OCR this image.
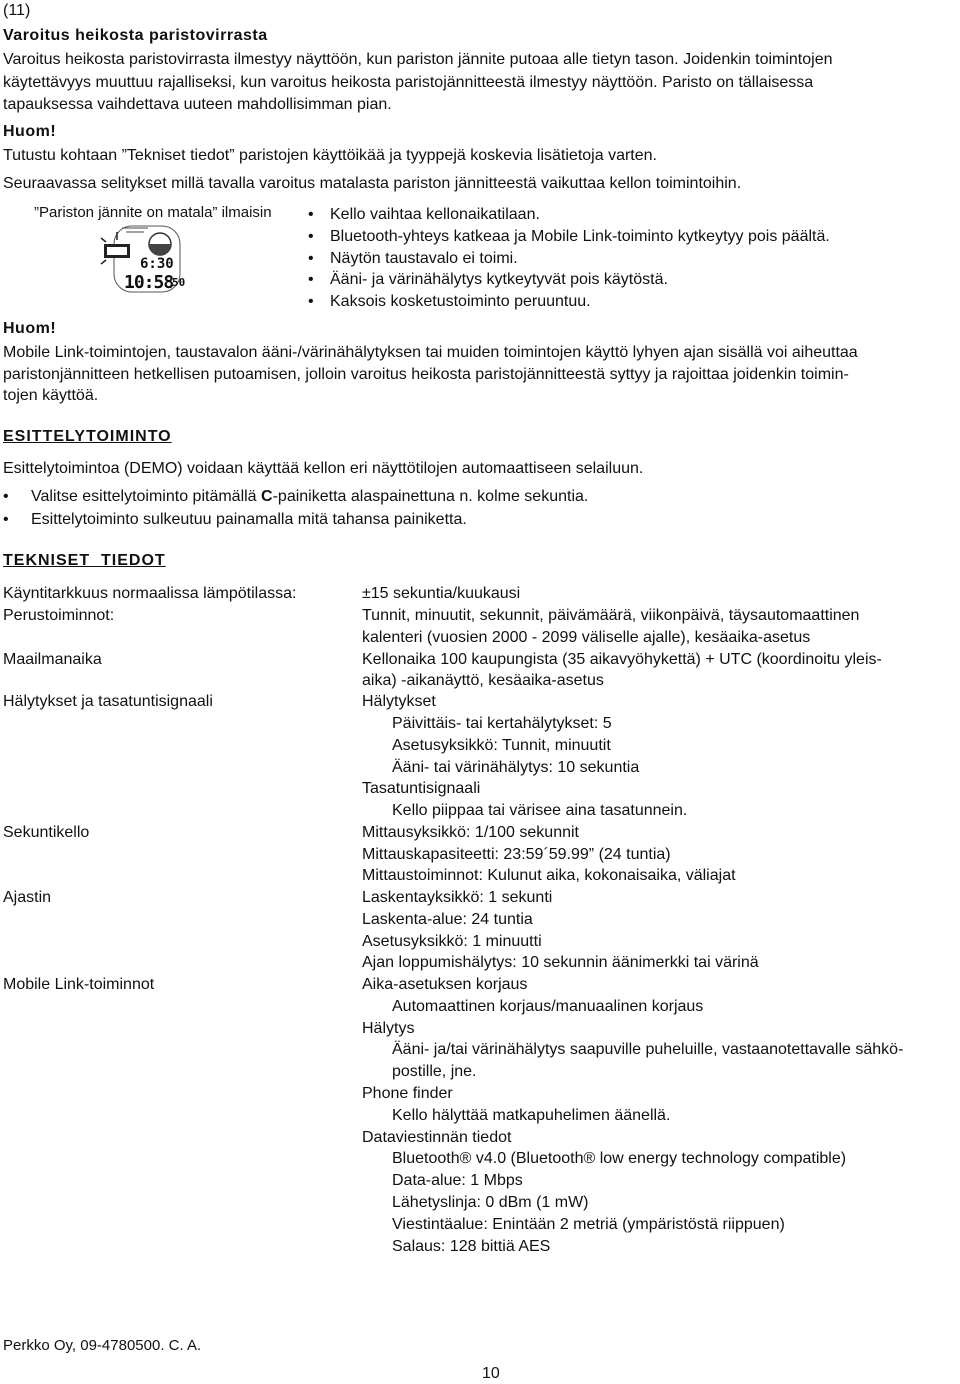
(11)
Varoitus heikosta paristovirrasta
Varoitus heikosta paristovirrasta ilmestyy näyttöön, kun pariston jännite putoaa alle tietyn tason. Joidenkin toimintojen
käytettävyys muuttuu rajalliseksi, kun varoitus heikosta paristojännitteestä ilmestyy näyttöön. Paristo on tällaisessa
tapauksessa vaihdettava uuteen mahdollisimman pian.
Huom!
Tutustu kohtaan ”Tekniset tiedot” paristojen käyttöikää ja tyyppejä koskevia lisätietoja varten.
Seuraavassa selitykset millä tavalla varoitus matalasta pariston jännitteestä vaikuttaa kellon toimintoihin.
”Pariston jännite on matala” ilmaisin
6:30
10:58
50
• Kello vaihtaa kellonaikatilaan.
• Bluetooth-yhteys katkeaa ja Mobile Link-toiminto kytkeytyy pois päältä.
• Näytön taustavalo ei toimi.
• Ääni- ja värinähälytys kytkeytyvät pois käytöstä.
• Kaksois kosketustoiminto peruuntuu.
Huom!
Mobile Link-toimintojen, taustavalon ääni-/värinähälytyksen tai muiden toimintojen käyttö lyhyen ajan sisällä voi aiheuttaa
paristonjännitteen hetkellisen putoamisen, jolloin varoitus heikosta paristojännitteestä syttyy ja rajoittaa joidenkin toimin-
tojen käyttöä.
ESITTELYTOIMINTO
Esittelytoimintoa (DEMO) voidaan käyttää kellon eri näyttötilojen automaattiseen selailuun.
• Valitse esittelytoiminto pitämällä C-painiketta alaspainettuna n. kolme sekuntia.
• Esittelytoiminto sulkeutuu painamalla mitä tahansa painiketta.
TEKNISET  TIEDOT
Käyntitarkkuus normaalissa lämpötilassa:
Perustoiminnot:
Maailmanaika
Hälytykset ja tasatuntisignaali
Sekuntikello
Ajastin
Mobile Link-toiminnot
±15 sekuntia/kuukausi
Tunnit, minuutit, sekunnit, päivämäärä, viikonpäivä, täysautomaattinen
kalenteri (vuosien 2000 - 2099 väliselle ajalle), kesäaika-asetus
Kellonaika 100 kaupungista (35 aikavyöhykettä) + UTC (koordinoitu yleis-
aika) -aikanäyttö, kesäaika-asetus
Hälytykset
Päivittäis- tai kertahälytykset: 5
Asetusyksikkö: Tunnit, minuutit
Ääni- tai värinähälytys: 10 sekuntia
Tasatuntisignaali
Kello piippaa tai värisee aina tasatunnein.
Mittausyksikkö: 1/100 sekunnit
Mittauskapasiteetti: 23:59´59.99” (24 tuntia)
Mittaustoiminnot: Kulunut aika, kokonaisaika, väliajat
Laskentayksikkö: 1 sekunti
Laskenta-alue: 24 tuntia
Asetusyksikkö: 1 minuutti
Ajan loppumishälytys: 10 sekunnin äänimerkki tai värinä
Aika-asetuksen korjaus
Automaattinen korjaus/manuaalinen korjaus
Hälytys
Ääni- ja/tai värinähälytys saapuville puheluille, vastaanotettavalle sähkö-
postille, jne.
Phone finder
Kello hälyttää matkapuhelimen äänellä.
Dataviestinnän tiedot
Bluetooth® v4.0 (Bluetooth® low energy technology compatible)
Data-alue: 1 Mbps
Lähetyslinja: 0 dBm (1 mW)
Viestintäalue: Enintään 2 metriä (ympäristöstä riippuen)
Salaus: 128 bittiä AES
Perkko Oy, 09-4780500. C. A.
10
